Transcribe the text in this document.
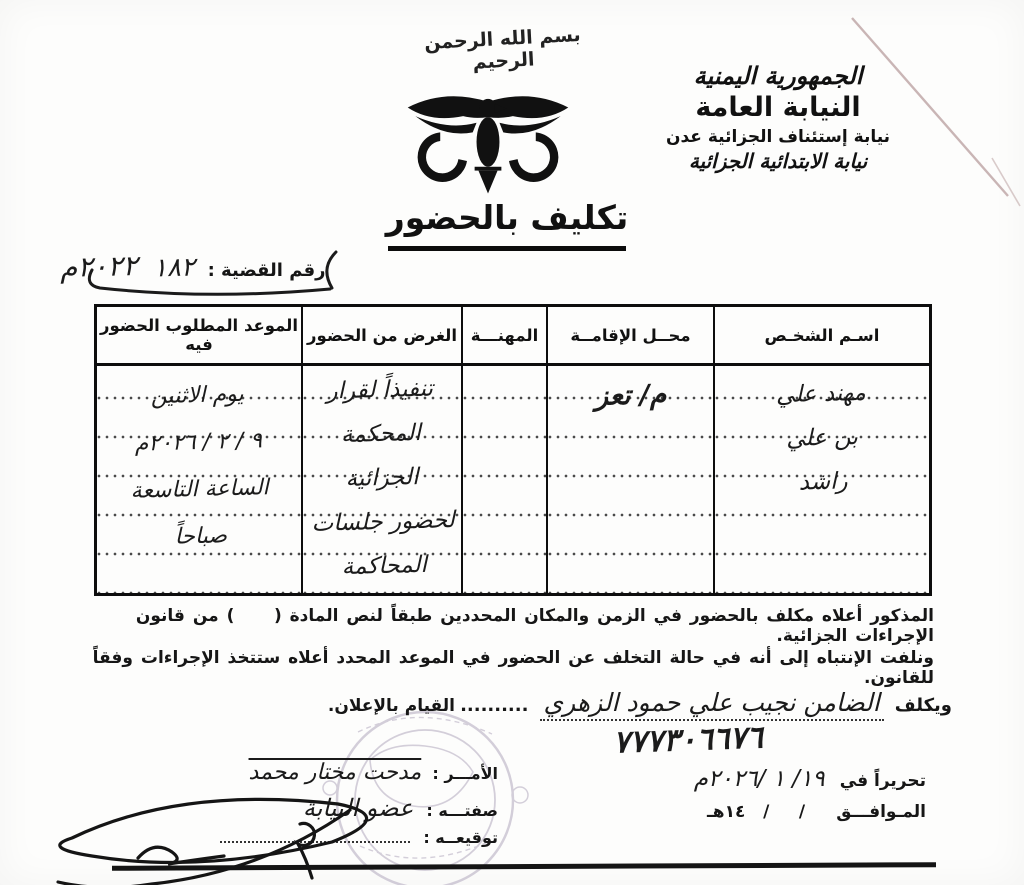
بسم الله الرحمن الرحيم
الجمهورية اليمنية
النيابة العامة
نيابة إستئناف الجزائية عدن
نيابة الابتدائية الجزائية
تكليف بالحضور
رقم القضية : ١٨٢ ٢٠٢٢م
اسـم الشخـص
محــل الإقامــة
المهنـــة
الغرض من الحضور
الموعد المطلوب الحضور فيه
مهند علي
بن علي
راشد
م/ تعز
تنفيذاً لقرار
المحكمة
الجزائية
لحضور جلسات
المحاكمة
يوم الاثنين
٩ / ٢ / ٢٠٢٦م
الساعة التاسعة
صباحاً
المذكور أعلاه مكلف بالحضور في الزمن والمكان المحددين طبقاً لنص المادة (     ) من قانون الإجراءات الجزائية.
ونلفت الإنتباه إلى أنه في حالة التخلف عن الحضور في الموعد المحدد أعلاه ستتخذ الإجراءات وفقاً للقانون.
ويكلف الضامن نجيب علي حمود الزهري .......... القيام بالإعلان.
٧٧٧٣٠٦٦٧٦
تحريراً في ١٩/ ١ /٢٠٢٦م
المـوافـــق /     /   ١٤هـ
الأمـــر : مدحت مختار محمد
صفتـــه : عضو النيابة
توقيعــه :
